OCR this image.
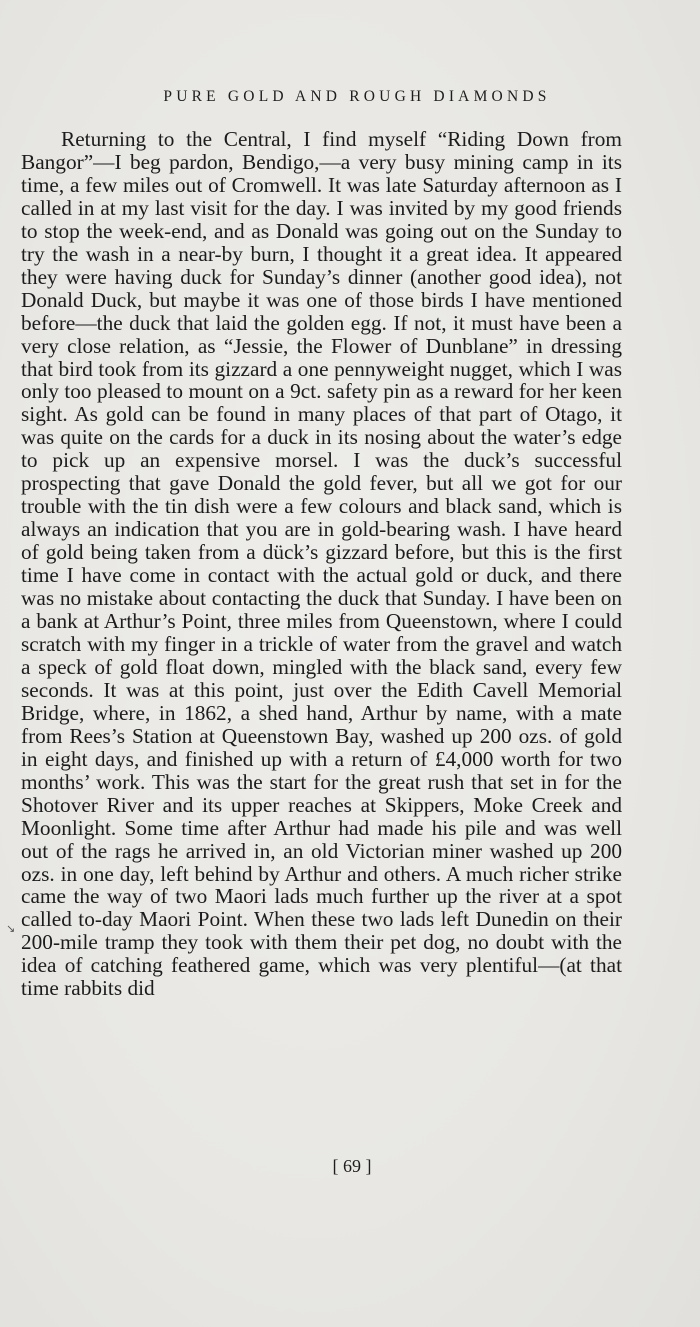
PURE GOLD AND ROUGH DIAMONDS

Returning to the Central, I find myself “Riding Down from Bangor”—I beg pardon, Bendigo,—a very busy mining camp in its time, a few miles out of Cromwell. It was late Saturday afternoon as I called in at my last visit for the day. I was invited by my good friends to stop the week-end, and as Donald was going out on the Sunday to try the wash in a near-by burn, I thought it a great idea. It appeared they were having duck for Sunday’s dinner (another good idea), not Donald Duck, but maybe it was one of those birds I have mentioned before—the duck that laid the golden egg. If not, it must have been a very close relation, as “Jessie, the Flower of Dunblane” in dressing that bird took from its gizzard a one pennyweight nugget, which I was only too pleased to mount on a 9ct. safety pin as a reward for her keen sight. As gold can be found in many places of that part of Otago, it was quite on the cards for a duck in its nosing about the water’s edge to pick up an expensive morsel. I was the duck’s successful prospecting that gave Donald the gold fever, but all we got for our trouble with the tin dish were a few colours and black sand, which is always an indication that you are in gold-bearing wash. I have heard of gold being taken from a dück’s gizzard before, but this is the first time I have come in contact with the actual gold or duck, and there was no mistake about contacting the duck that Sunday. I have been on a bank at Arthur’s Point, three miles from Queenstown, where I could scratch with my finger in a trickle of water from the gravel and watch a speck of gold float down, mingled with the black sand, every few seconds. It was at this point, just over the Edith Cavell Memorial Bridge, where, in 1862, a shed hand, Arthur by name, with a mate from Rees’s Station at Queenstown Bay, washed up 200 ozs. of gold in eight days, and finished up with a return of £4,000 worth for two months’ work. This was the start for the great rush that set in for the Shotover River and its upper reaches at Skippers, Moke Creek and Moonlight. Some time after Arthur had made his pile and was well out of the rags he arrived in, an old Victorian miner washed up 200 ozs. in one day, left behind by Arthur and others. A much richer strike came the way of two Maori lads much further up the river at a spot called to-day Maori Point. When these two lads left Dunedin on their 200-mile tramp they took with them their pet dog, no doubt with the idea of catching feathered game, which was very plentiful—(at that time rabbits did

↘
[ 69 ]
